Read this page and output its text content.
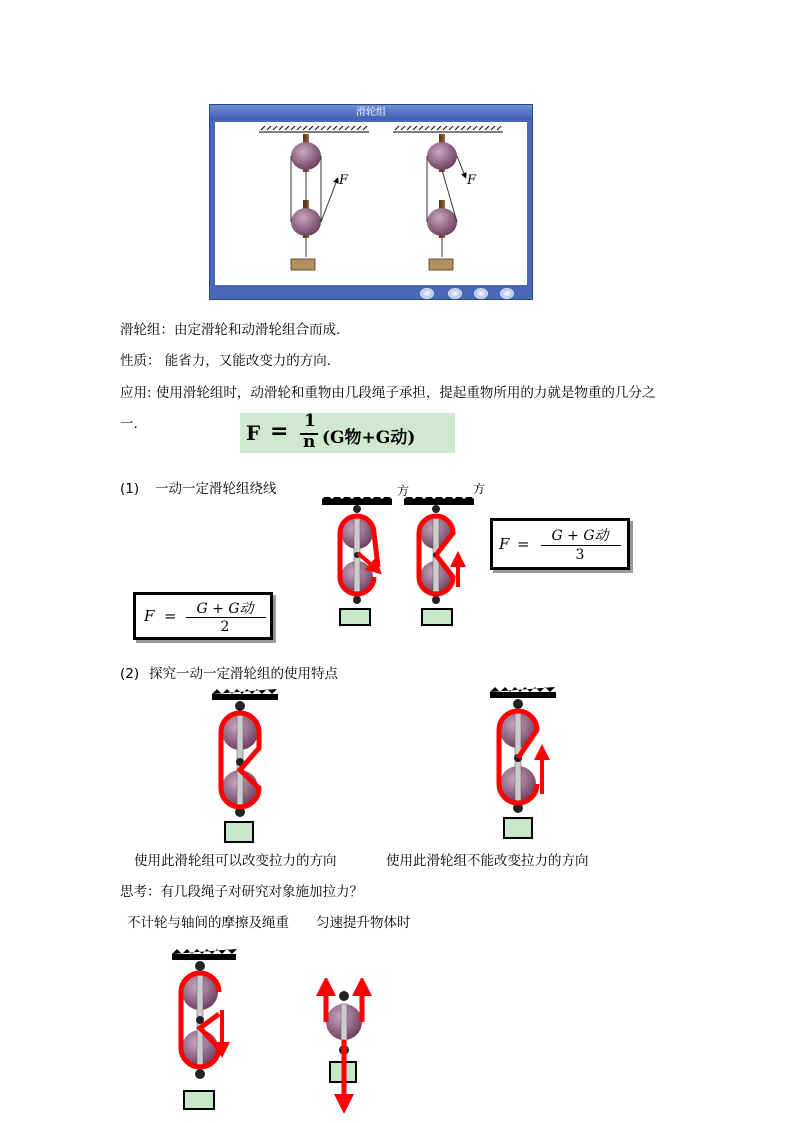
滑轮组
F	F
滑轮组：由定滑轮和动滑轮组合而成.
性质： 能省力，又能改变力的方向.
应用: 使用滑轮组时，动滑轮和重物由几段绳子承担，提起重物所用的力就是物重的几分之
一.	F = 1
n (G物+G动)
(1) 一动一定滑轮组绕线	方	方
F =	G + G动
3
F =	G + G动
2
(2) 探究一动一定滑轮组的使用特点
使用此滑轮组可以改变拉力的方向	使用此滑轮组不能改变拉力的方向
思考：有几段绳子对研究对象施加拉力？
不计轮与轴间的摩擦及绳重 匀速提升物体时
